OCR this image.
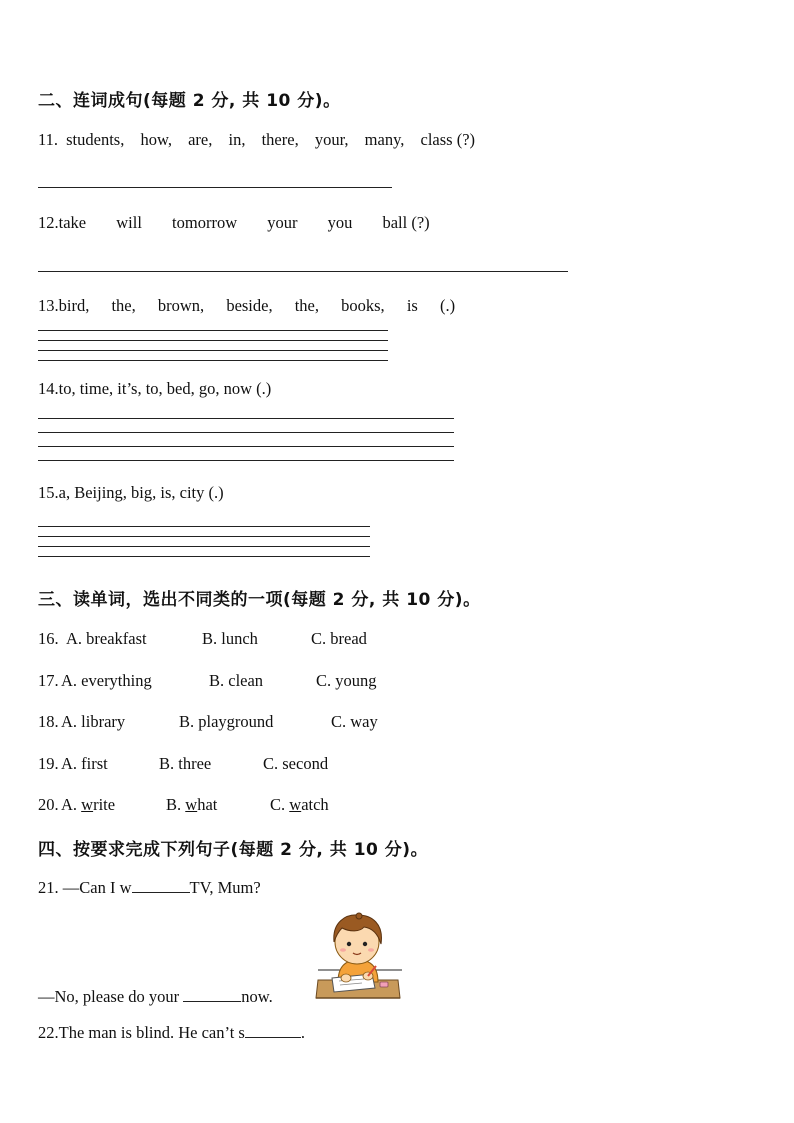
二、连词成句(每题 2 分, 共 10 分)。
11. students, how, are, in, there, your, many, class (?)
12.take will tomorrow your you ball (?)
13.bird, the, brown, beside, the, books, is (.)
14.to, time, it’s, to, bed, go, now (.)
15.a, Beijing, big, is, city (.)
三、读单词，选出不同类的一项(每题 2 分, 共 10 分)。
16. A. breakfast	B. lunch	C. bread
17. A. everything	B. clean	C. young
18. A. library	B. playground	C. way
19. A. first	B. three	C. second
20. A. write	B. what	C. watch
四、按要求完成下列句子(每题 2 分, 共 10 分)。
21. —Can I w	TV, Mum?
—No, please do your	now.
22.The man is blind. He can’t s	.
